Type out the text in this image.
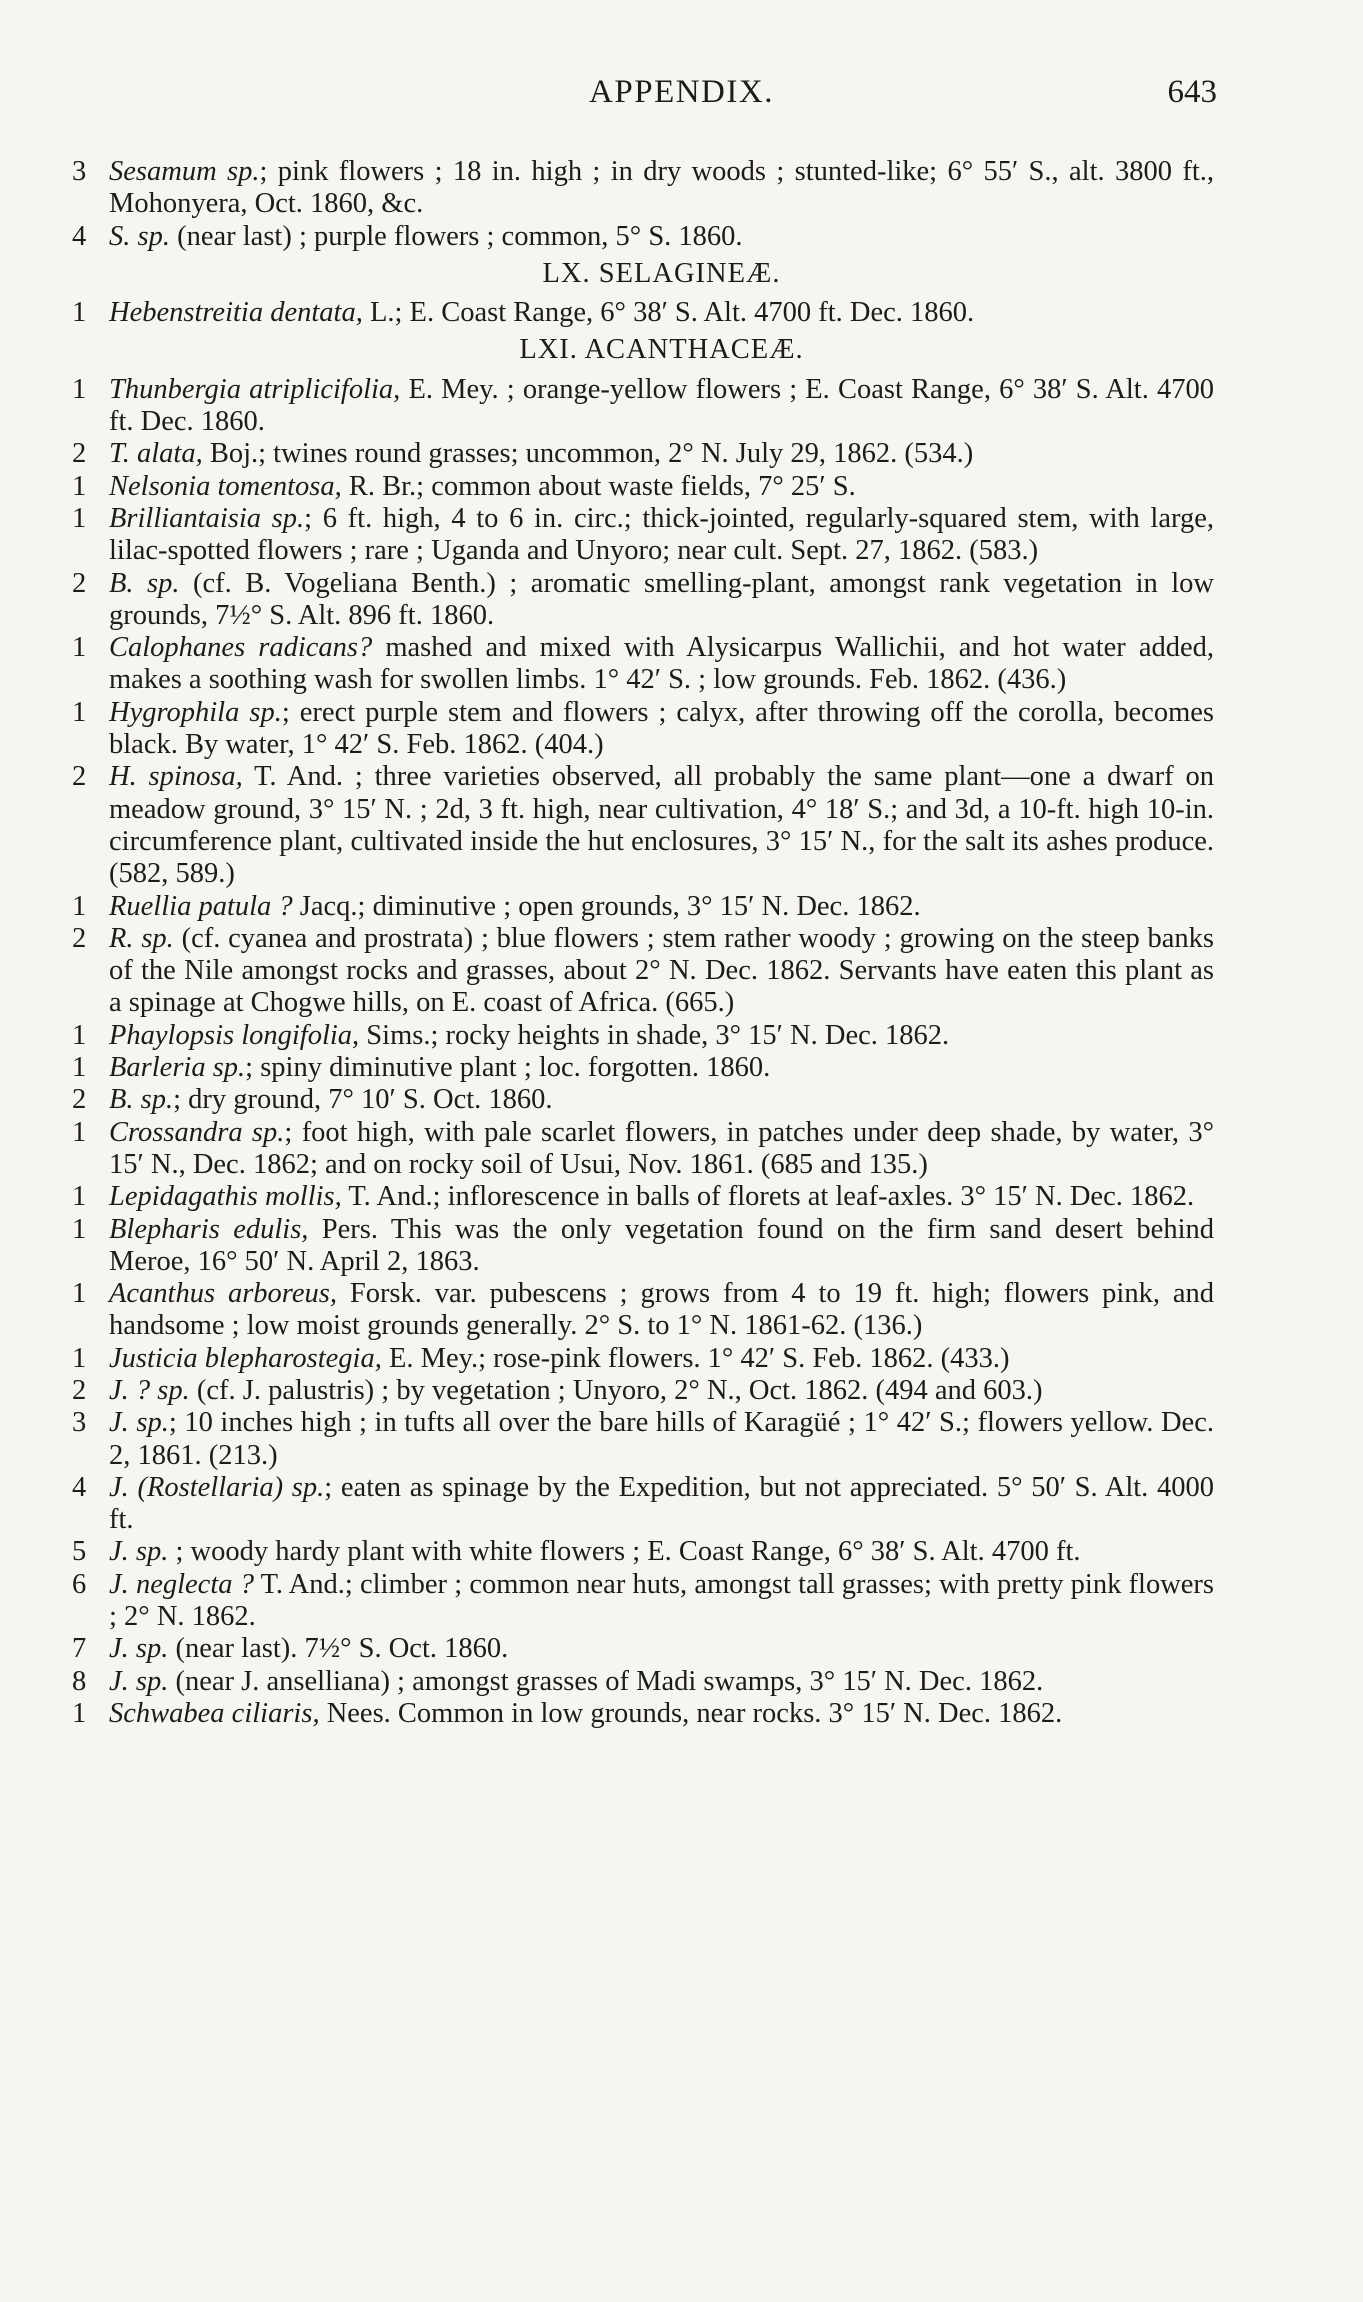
APPENDIX.	643
3 Sesamum sp.; pink flowers ; 18 in. high ; in dry woods ; stunted-like; 6° 55′ S., alt. 3800 ft., Mohonyera, Oct. 1860, &c.
4 S. sp. (near last) ; purple flowers ; common, 5° S. 1860.
LX. SELAGINEÆ.
1 Hebenstreitia dentata, L.; E. Coast Range, 6° 38′ S. Alt. 4700 ft. Dec. 1860.
LXI. ACANTHACEÆ.
1 Thunbergia atriplicifolia, E. Mey. ; orange-yellow flowers ; E. Coast Range, 6° 38′ S. Alt. 4700 ft. Dec. 1860.
2 T. alata, Boj.; twines round grasses; uncommon, 2° N. July 29, 1862. (534.)
1 Nelsonia tomentosa, R. Br.; common about waste fields, 7° 25′ S.
1 Brilliantaisia sp.; 6 ft. high, 4 to 6 in. circ.; thick-jointed, regularly-squared stem, with large, lilac-spotted flowers ; rare ; Uganda and Unyoro; near cult. Sept. 27, 1862. (583.)
2 B. sp. (cf. B. Vogeliana Benth.) ; aromatic smelling-plant, amongst rank vegetation in low grounds, 7½° S. Alt. 896 ft. 1860.
1 Calophanes radicans? mashed and mixed with Alysicarpus Wallichii, and hot water added, makes a soothing wash for swollen limbs. 1° 42′ S. ; low grounds. Feb. 1862. (436.)
1 Hygrophila sp.; erect purple stem and flowers ; calyx, after throwing off the corolla, becomes black. By water, 1° 42′ S. Feb. 1862. (404.)
2 H. spinosa, T. And. ; three varieties observed, all probably the same plant—one a dwarf on meadow ground, 3° 15′ N. ; 2d, 3 ft. high, near cultivation, 4° 18′ S.; and 3d, a 10-ft. high 10-in. circumference plant, cultivated inside the hut enclosures, 3° 15′ N., for the salt its ashes produce. (582, 589.)
1 Ruellia patula ? Jacq.; diminutive ; open grounds, 3° 15′ N. Dec. 1862.
2 R. sp. (cf. cyanea and prostrata) ; blue flowers ; stem rather woody ; growing on the steep banks of the Nile amongst rocks and grasses, about 2° N. Dec. 1862. Servants have eaten this plant as a spinage at Chogwe hills, on E. coast of Africa. (665.)
1 Phaylopsis longifolia, Sims.; rocky heights in shade, 3° 15′ N. Dec. 1862.
1 Barleria sp.; spiny diminutive plant ; loc. forgotten. 1860.
2 B. sp.; dry ground, 7° 10′ S. Oct. 1860.
1 Crossandra sp.; foot high, with pale scarlet flowers, in patches under deep shade, by water, 3° 15′ N., Dec. 1862; and on rocky soil of Usui, Nov. 1861. (685 and 135.)
1 Lepidagathis mollis, T. And.; inflorescence in balls of florets at leaf-axles. 3° 15′ N. Dec. 1862.
1 Blepharis edulis, Pers. This was the only vegetation found on the firm sand desert behind Meroe, 16° 50′ N. April 2, 1863.
1 Acanthus arboreus, Forsk. var. pubescens ; grows from 4 to 19 ft. high; flowers pink, and handsome ; low moist grounds generally. 2° S. to 1° N. 1861-62. (136.)
1 Justicia blepharostegia, E. Mey.; rose-pink flowers. 1° 42′ S. Feb. 1862. (433.)
2 J. ? sp. (cf. J. palustris) ; by vegetation ; Unyoro, 2° N., Oct. 1862. (494 and 603.)
3 J. sp.; 10 inches high ; in tufts all over the bare hills of Karagüé ; 1° 42′ S.; flowers yellow. Dec. 2, 1861. (213.)
4 J. (Rostellaria) sp.; eaten as spinage by the Expedition, but not appreciated. 5° 50′ S. Alt. 4000 ft.
5 J. sp. ; woody hardy plant with white flowers ; E. Coast Range, 6° 38′ S. Alt. 4700 ft.
6 J. neglecta ? T. And.; climber ; common near huts, amongst tall grasses; with pretty pink flowers ; 2° N. 1862.
7 J. sp. (near last). 7½° S. Oct. 1860.
8 J. sp. (near J. anselliana) ; amongst grasses of Madi swamps, 3° 15′ N. Dec. 1862.
1 Schwabea ciliaris, Nees. Common in low grounds, near rocks. 3° 15′ N. Dec. 1862.
